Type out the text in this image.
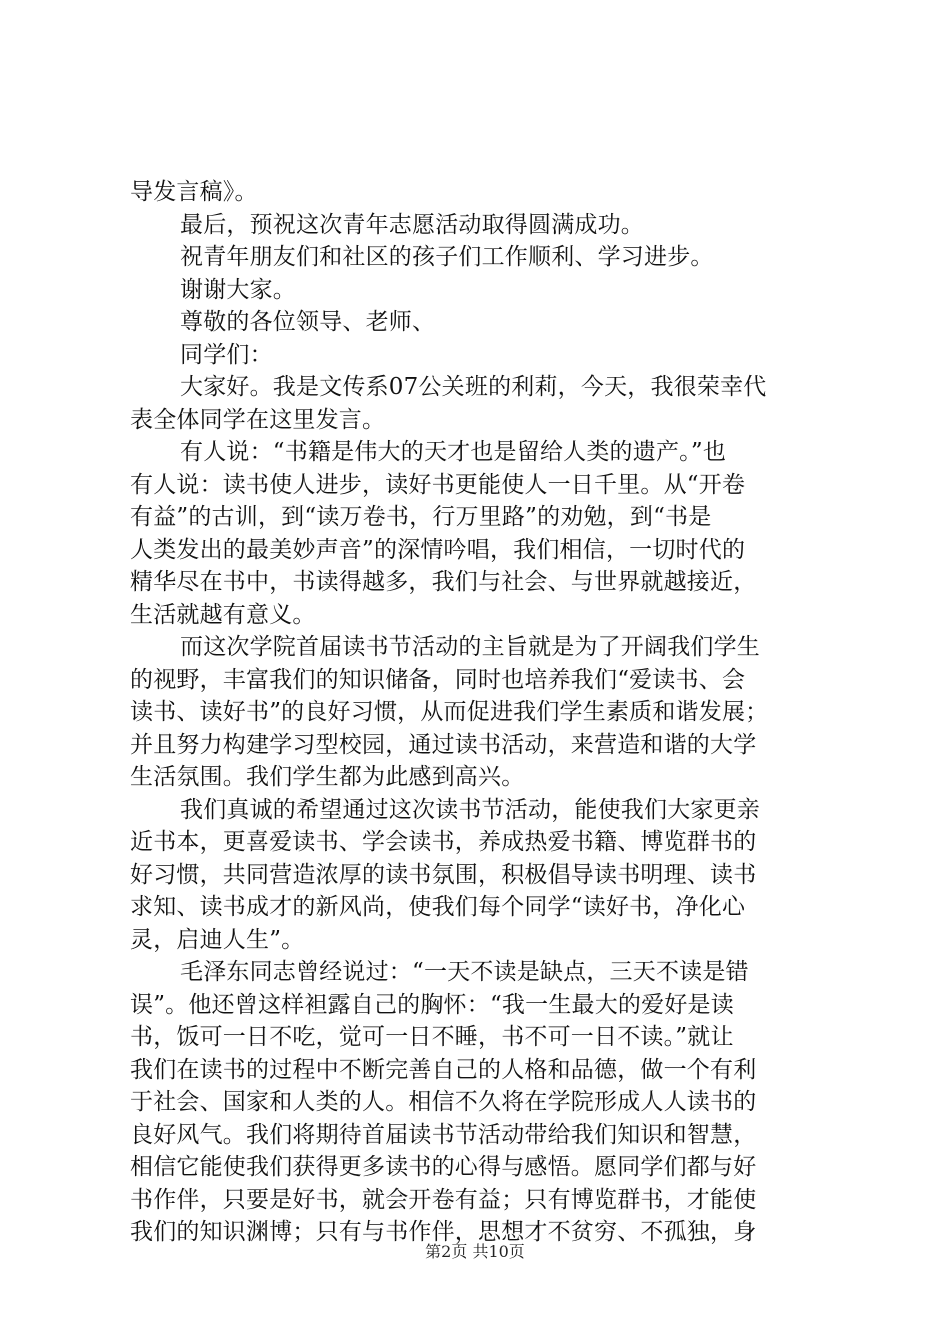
导发言稿》。
最后，预祝这次青年志愿活动取得圆满成功。
祝青年朋友们和社区的孩子们工作顺利、学习进步。
谢谢大家。
尊敬的各位领导、老师、
同学们：
大家好。我是文传系07公关班的利莉，今天，我很荣幸代
表全体同学在这里发言。
有人说：“书籍是伟大的天才也是留给人类的遗产。”也
有人说：读书使人进步，读好书更能使人一日千里。从“开卷
有益”的古训，到“读万卷书，行万里路”的劝勉，到“书是
人类发出的最美妙声音”的深情吟唱，我们相信，一切时代的
精华尽在书中，书读得越多，我们与社会、与世界就越接近，
生活就越有意义。
而这次学院首届读书节活动的主旨就是为了开阔我们学生
的视野，丰富我们的知识储备，同时也培养我们“爱读书、会
读书、读好书”的良好习惯，从而促进我们学生素质和谐发展；
并且努力构建学习型校园，通过读书活动，来营造和谐的大学
生活氛围。我们学生都为此感到高兴。
我们真诚的希望通过这次读书节活动，能使我们大家更亲
近书本，更喜爱读书、学会读书，养成热爱书籍、博览群书的
好习惯，共同营造浓厚的读书氛围，积极倡导读书明理、读书
求知、读书成才的新风尚，使我们每个同学“读好书，净化心
灵，启迪人生”。
毛泽东同志曾经说过：“一天不读是缺点，三天不读是错
误”。他还曾这样袒露自己的胸怀：“我一生最大的爱好是读
书，饭可一日不吃，觉可一日不睡，书不可一日不读。”就让
我们在读书的过程中不断完善自己的人格和品德，做一个有利
于社会、国家和人类的人。相信不久将在学院形成人人读书的
良好风气。我们将期待首届读书节活动带给我们知识和智慧，
相信它能使我们获得更多读书的心得与感悟。愿同学们都与好
书作伴，只要是好书，就会开卷有益；只有博览群书，才能使
我们的知识渊博；只有与书作伴，思想才不贫穷、不孤独，身
第2页 共10页
